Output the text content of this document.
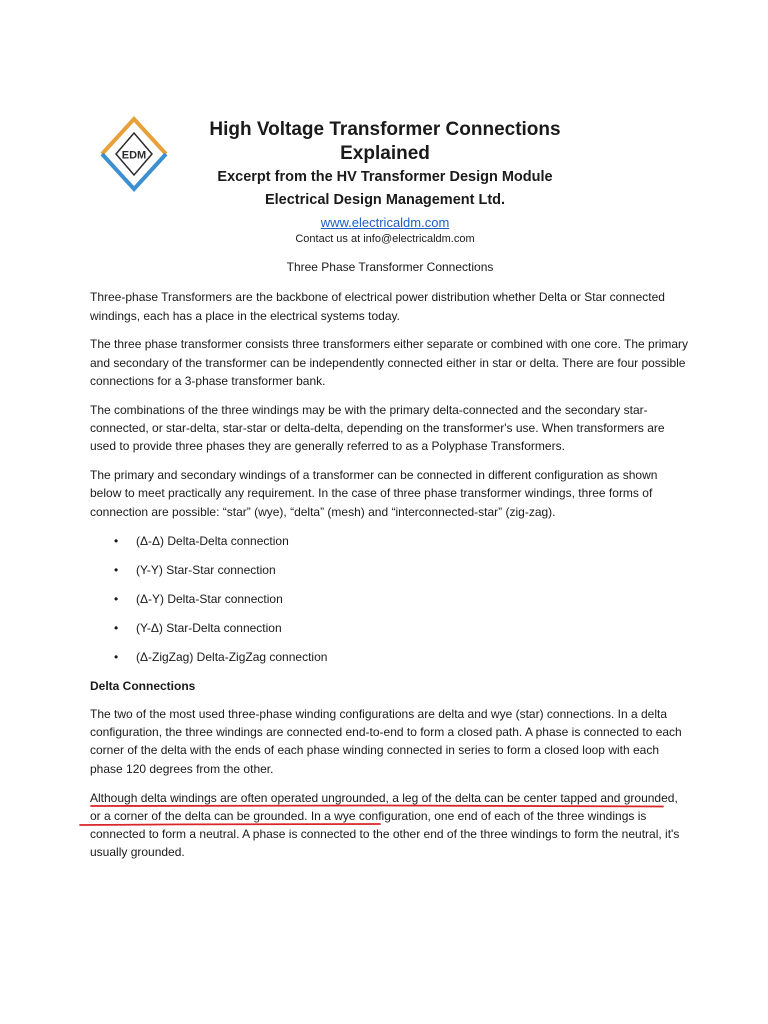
EDM
High Voltage Transformer Connections Explained

Excerpt from the HV Transformer Design Module

Electrical Design Management Ltd.

www.electricaldm.com

Contact us at info@electricaldm.com

Three Phase Transformer Connections

Three-phase Transformers are the backbone of electrical power distribution whether Delta or Star connected windings, each has a place in the electrical systems today.

The three phase transformer consists three transformers either separate or combined with one core. The primary and secondary of the transformer can be independently connected either in star or delta. There are four possible connections for a 3-phase transformer bank.

The combinations of the three windings may be with the primary delta-connected and the secondary star-connected, or star-delta, star-star or delta-delta, depending on the transformer's use. When transformers are used to provide three phases they are generally referred to as a Polyphase Transformers.

The primary and secondary windings of a transformer can be connected in different configuration as shown below to meet practically any requirement. In the case of three phase transformer windings, three forms of connection are possible: “star” (wye), “delta” (mesh) and “interconnected-star” (zig-zag).

• (Δ-Δ) Delta-Delta connection
• (Y-Y) Star-Star connection
• (Δ-Y) Delta-Star connection
• (Y-Δ) Star-Delta connection
• (Δ-ZigZag) Delta-ZigZag connection

Delta Connections

The two of the most used three-phase winding configurations are delta and wye (star) connections. In a delta configuration, the three windings are connected end-to-end to form a closed path. A phase is connected to each corner of the delta with the ends of each phase winding connected in series to form a closed loop with each phase 120 degrees from the other.

Although delta windings are often operated ungrounded, a leg of the delta can be center tapped and grounded, or a corner of the delta can be grounded. In a wye configuration, one end of each of the three windings is connected to form a neutral. A phase is connected to the other end of the three windings to form the neutral, it's usually grounded.
